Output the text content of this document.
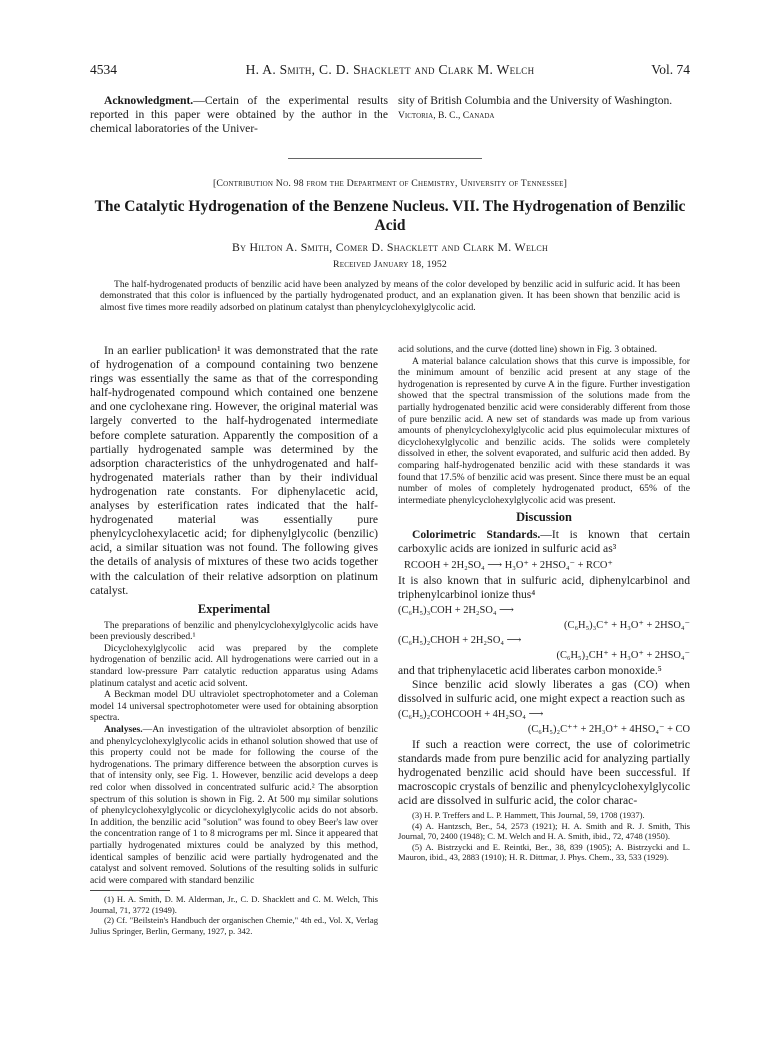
4534	H. A. Smith, C. D. Shacklett and Clark M. Welch	Vol. 74
Acknowledgment.—Certain of the experimental results reported in this paper were obtained by the author in the chemical laboratories of the Univer-

sity of British Columbia and the University of Washington.

Victoria, B. C., Canada
[Contribution No. 98 from the Department of Chemistry, University of Tennessee]
The Catalytic Hydrogenation of the Benzene Nucleus. VII. The Hydrogenation of Benzilic Acid
By Hilton A. Smith, Comer D. Shacklett and Clark M. Welch
Received January 18, 1952
The half-hydrogenated products of benzilic acid have been analyzed by means of the color developed by benzilic acid in sulfuric acid. It has been demonstrated that this color is influenced by the partially hydrogenated product, and an explanation given. It has been shown that benzilic acid is almost five times more readily adsorbed on platinum catalyst than phenylcyclohexylglycolic acid.

In an earlier publication¹ it was demonstrated that the rate of hydrogenation of a compound containing two benzene rings was essentially the same as that of the corresponding half-hydrogenated compound which contained one benzene and one cyclohexane ring. However, the original material was largely converted to the half-hydrogenated intermediate before complete saturation. Apparently the composition of a partially hydrogenated sample was determined by the adsorption characteristics of the unhydrogenated and half-hydrogenated materials rather than by their individual hydrogenation rate constants. For diphenylacetic acid, analyses by esterification rates indicated that the half-hydrogenated material was essentially pure phenylcyclohexylacetic acid; for diphenylglycolic (benzilic) acid, a similar situation was not found. The following gives the details of analysis of mixtures of these two acids together with the calculation of their relative adsorption on platinum catalyst.

Experimental

The preparations of benzilic and phenylcyclohexylglycolic acids have been previously described.¹

Dicyclohexylglycolic acid was prepared by the complete hydrogenation of benzilic acid. All hydrogenations were carried out in a standard low-pressure Parr catalytic reduction apparatus using Adams platinum catalyst and acetic acid solvent.

A Beckman model DU ultraviolet spectrophotometer and a Coleman model 14 universal spectrophotometer were used for obtaining absorption spectra.

Analyses.—An investigation of the ultraviolet absorption of benzilic and phenylcyclohexylglycolic acids in ethanol solution showed that use of this property could not be made for following the course of the hydrogenations. The primary difference between the absorption curves is that of intensity only, see Fig. 1. However, benzilic acid develops a deep red color when dissolved in concentrated sulfuric acid.² The absorption spectrum of this solution is shown in Fig. 2. At 500 mμ similar solutions of phenylcyclohexylglycolic or dicyclohexylglycolic acids do not absorb. In addition, the benzilic acid "solution" was found to obey Beer's law over the concentration range of 1 to 8 micrograms per ml. Since it appeared that partially hydrogenated mixtures could be analyzed by this method, identical samples of benzilic acid were partially hydrogenated and the catalyst and solvent removed. Solutions of the resulting solids in sulfuric acid were compared with standard benzilic

(1) H. A. Smith, D. M. Alderman, Jr., C. D. Shacklett and C. M. Welch, This Journal, 71, 3772 (1949).

(2) Cf. "Beilstein's Handbuch der organischen Chemie," 4th ed., Vol. X, Verlag Julius Springer, Berlin, Germany, 1927, p. 342.

acid solutions, and the curve (dotted line) shown in Fig. 3 obtained.

A material balance calculation shows that this curve is impossible, for the minimum amount of benzilic acid present at any stage of the hydrogenation is represented by curve A in the figure. Further investigation showed that the spectral transmission of the solutions made from the partially hydrogenated benzilic acid were considerably different from those of pure benzilic acid. A new set of standards was made up from various amounts of phenylcyclohexylglycolic acid plus equimolecular mixtures of dicyclohexylglycolic and benzilic acids. The solids were completely dissolved in ether, the solvent evaporated, and sulfuric acid then added. By comparing half-hydrogenated benzilic acid with these standards it was found that 17.5% of benzilic acid was present. Since there must be an equal number of moles of completely hydrogenated product, 65% of the intermediate phenylcyclohexylglycolic acid was present.

Discussion

Colorimetric Standards.—It is known that certain carboxylic acids are ionized in sulfuric acid as³

RCOOH + 2H₂SO₄ ⟶ H₃O⁺ + 2HSO₄⁻ + RCO⁺

It is also known that in sulfuric acid, diphenylcarbinol and triphenylcarbinol ionize thus⁴

(C₆H₅)₃COH + 2H₂SO₄ ⟶
(C₆H₅)₃C⁺ + H₃O⁺ + 2HSO₄⁻
(C₆H₅)₂CHOH + 2H₂SO₄ ⟶
(C₆H₅)₂CH⁺ + H₃O⁺ + 2HSO₄⁻

and that triphenylacetic acid liberates carbon monoxide.⁵

Since benzilic acid slowly liberates a gas (CO) when dissolved in sulfuric acid, one might expect a reaction such as

(C₆H₅)₂COHCOOH + 4H₂SO₄ ⟶
(C₆H₅)₂C⁺⁺ + 2H₃O⁺ + 4HSO₄⁻ + CO

If such a reaction were correct, the use of colorimetric standards made from pure benzilic acid for analyzing partially hydrogenated benzilic acid should have been successful. If macroscopic crystals of benzilic and phenylcyclohexylglycolic acid are dissolved in sulfuric acid, the color charac-

(3) H. P. Treffers and L. P. Hammett, This Journal, 59, 1708 (1937).

(4) A. Hantzsch, Ber., 54, 2573 (1921); H. A. Smith and R. J. Smith, This Journal, 70, 2400 (1948); C. M. Welch and H. A. Smith, ibid., 72, 4748 (1950).

(5) A. Bistrzycki and E. Reintki, Ber., 38, 839 (1905); A. Bistrzycki and L. Mauron, ibid., 43, 2883 (1910); H. R. Dittmar, J. Phys. Chem., 33, 533 (1929).
